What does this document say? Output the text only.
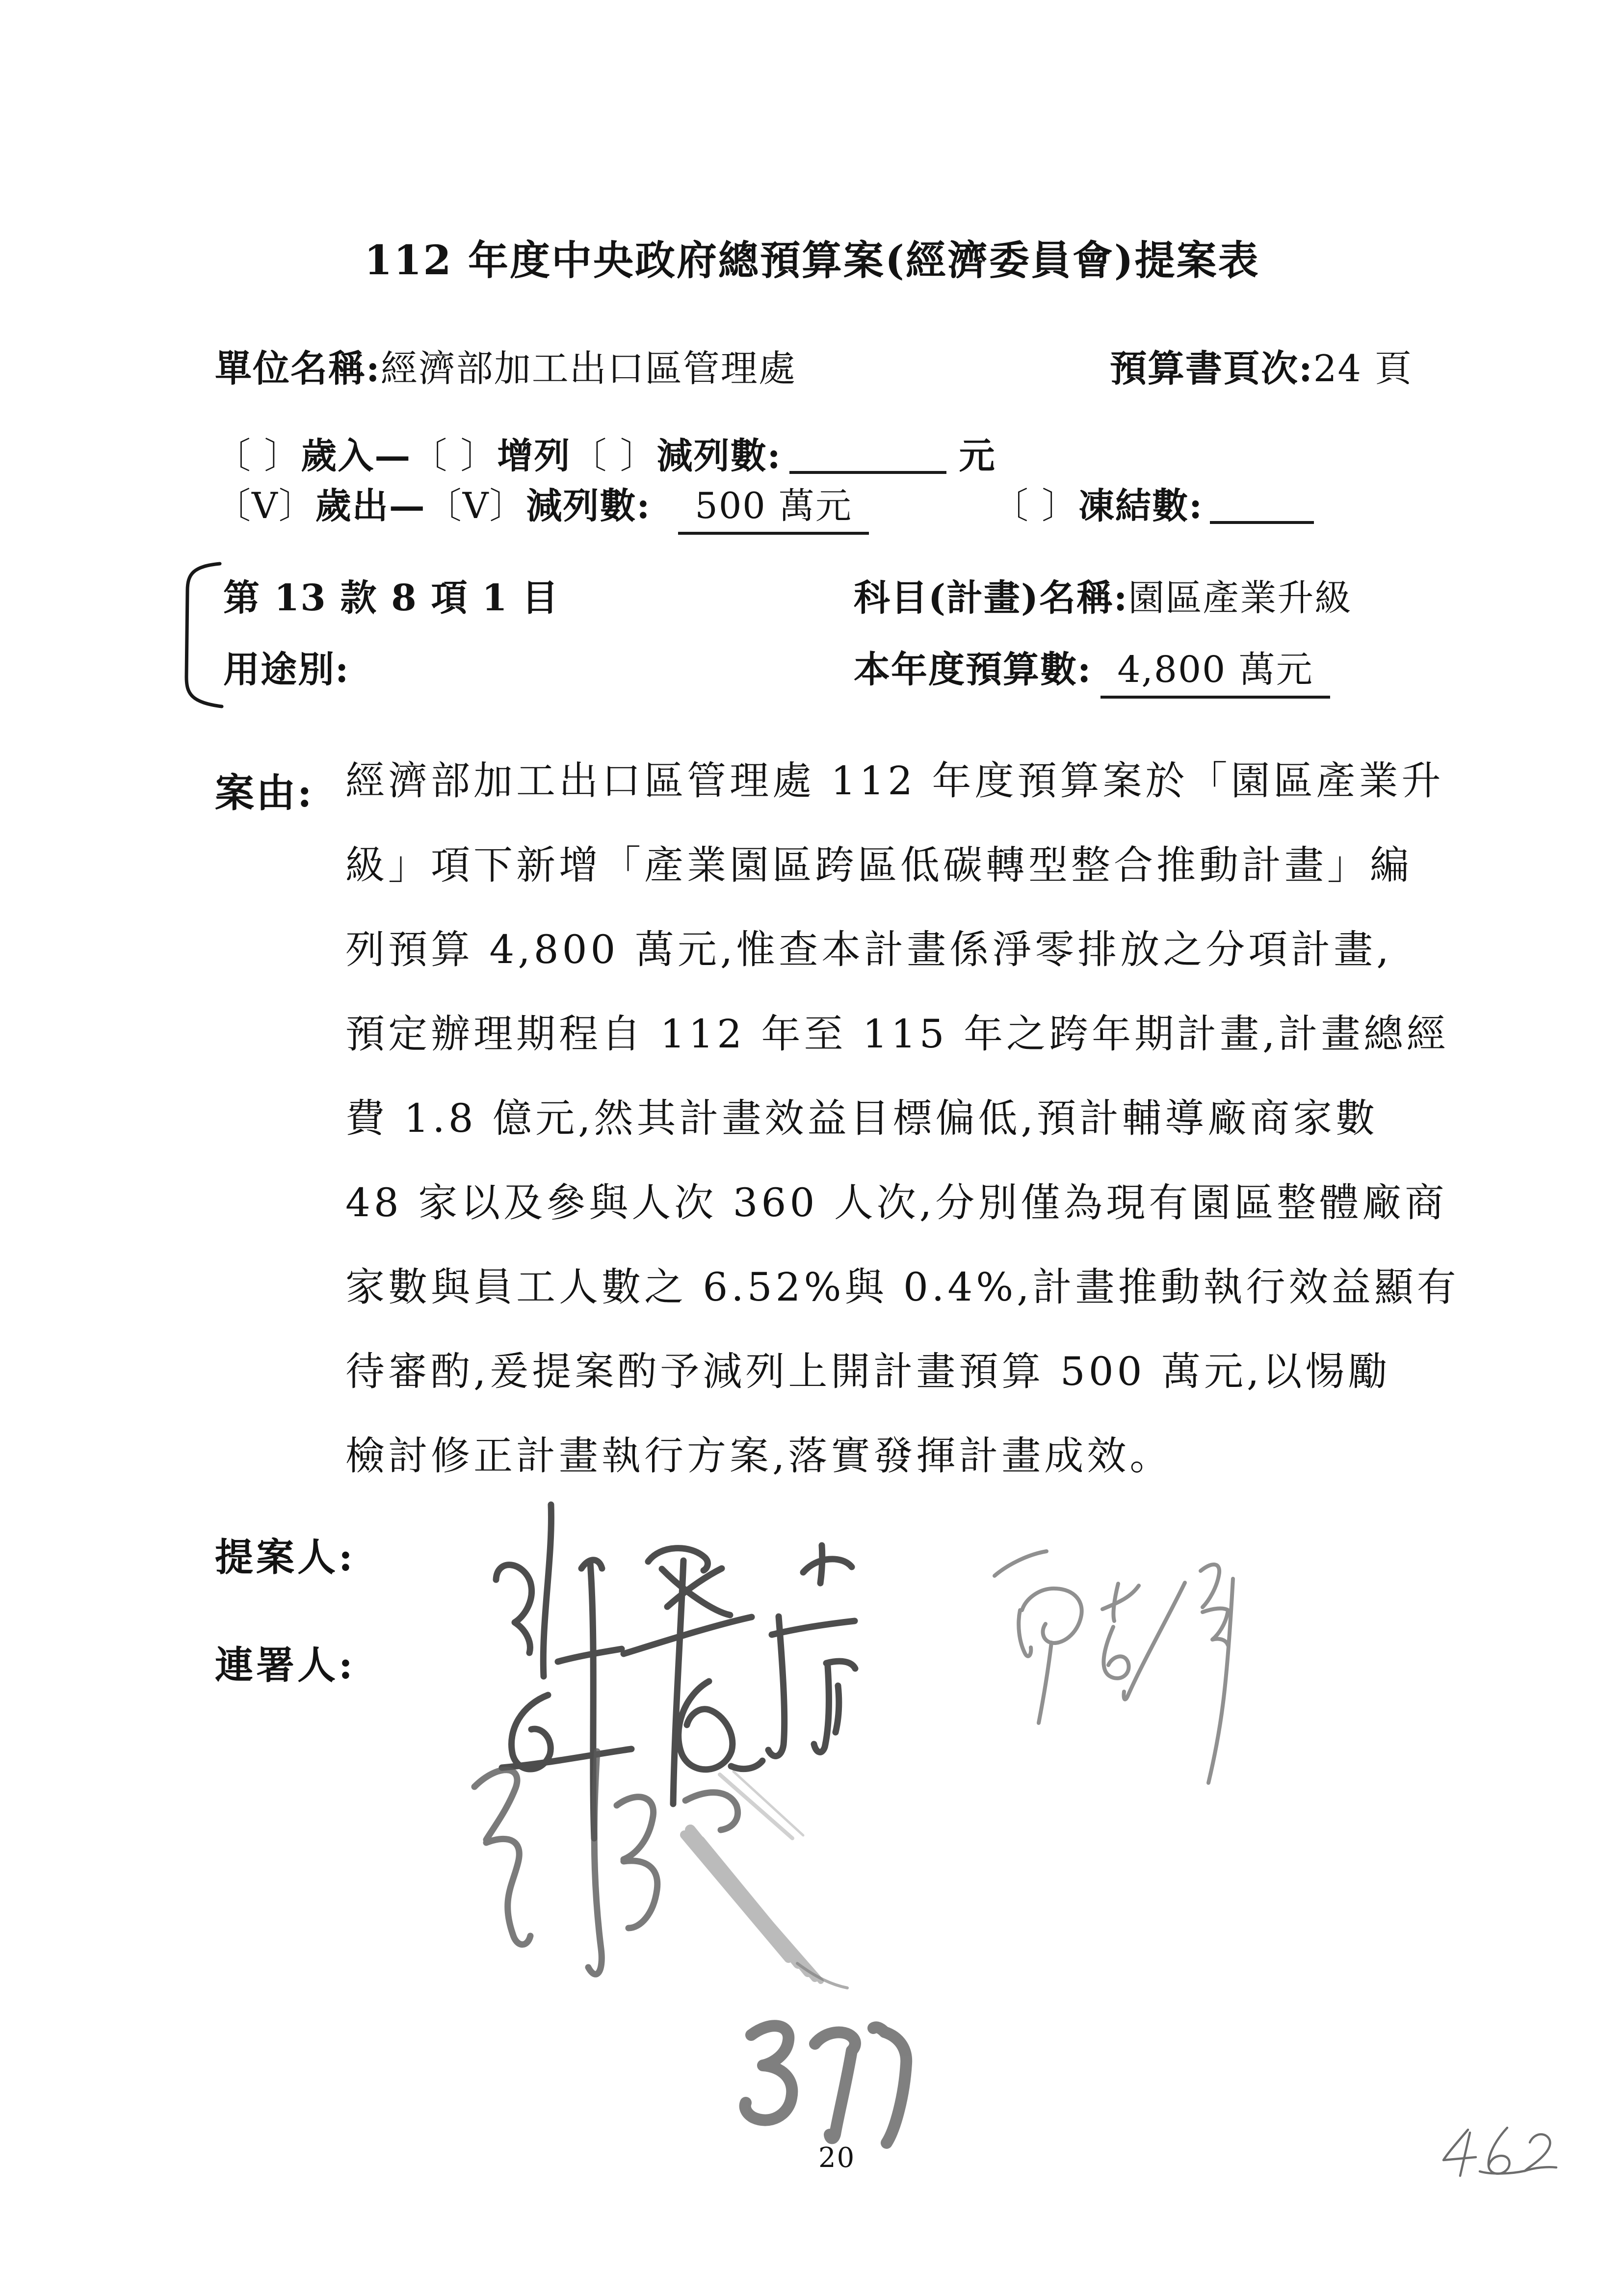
112 年度中央政府總預算案(經濟委員會)提案表
單位名稱:經濟部加工出口區管理處	預算書頁次:24 頁
〔 〕歲入—〔 〕增列〔 〕減列數:	元
〔V〕歲出—〔V〕減列數: 500 萬元	〔 〕凍結數:
第 13 款 8 項 1 目	科目(計畫)名稱:園區產業升級
用途別:	本年度預算數: 4,800 萬元
案由: 經濟部加工出口區管理處 112 年度預算案於「園區產業升
級」項下新增「產業園區跨區低碳轉型整合推動計畫」編
列預算 4,800 萬元,惟查本計畫係淨零排放之分項計畫,
預定辦理期程自 112 年至 115 年之跨年期計畫,計畫總經
費 1.8 億元,然其計畫效益目標偏低,預計輔導廠商家數
48 家以及參與人次 360 人次,分別僅為現有園區整體廠商
家數與員工人數之 6.52%與 0.4%,計畫推動執行效益顯有
待審酌,爰提案酌予減列上開計畫預算 500 萬元,以惕勵
檢討修正計畫執行方案,落實發揮計畫成效。
提案人:
連署人:
20
